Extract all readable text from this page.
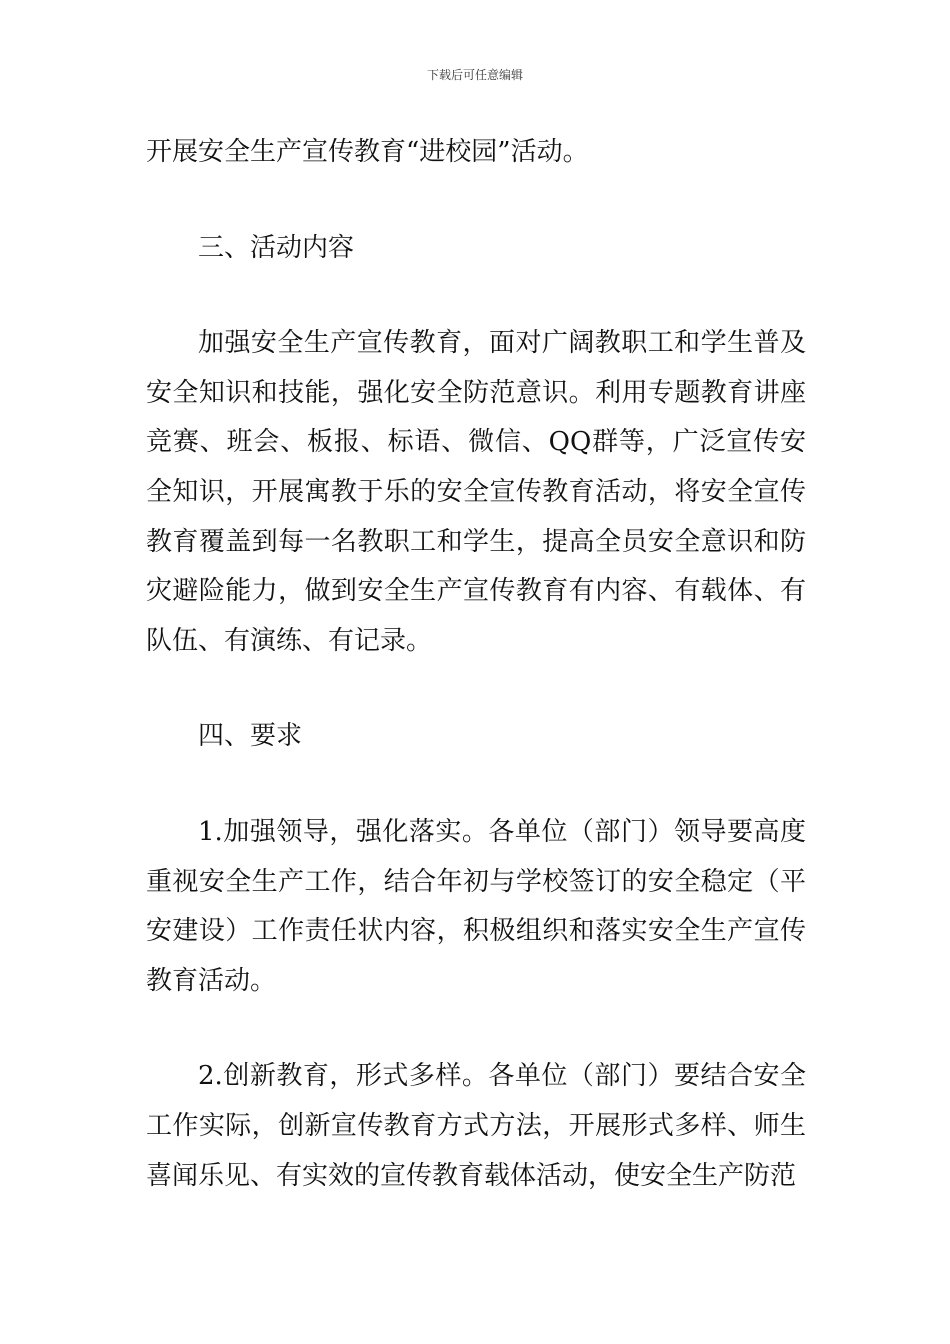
下载后可任意编辑

开展安全生产宣传教育“进校园”活动。

三、活动内容

加强安全生产宣传教育，面对广阔教职工和学生普及安全知识和技能，强化安全防范意识。利用专题教育讲座竞赛、班会、板报、标语、微信、QQ群等，广泛宣传安全知识，开展寓教于乐的安全宣传教育活动，将安全宣传教育覆盖到每一名教职工和学生，提高全员安全意识和防灾避险能力，做到安全生产宣传教育有内容、有载体、有队伍、有演练、有记录。

四、要求

1.加强领导，强化落实。各单位（部门）领导要高度重视安全生产工作，结合年初与学校签订的安全稳定（平安建设）工作责任状内容，积极组织和落实安全生产宣传教育活动。

2.创新教育，形式多样。各单位（部门）要结合安全工作实际，创新宣传教育方式方法，开展形式多样、师生喜闻乐见、有实效的宣传教育载体活动，使安全生产防范
